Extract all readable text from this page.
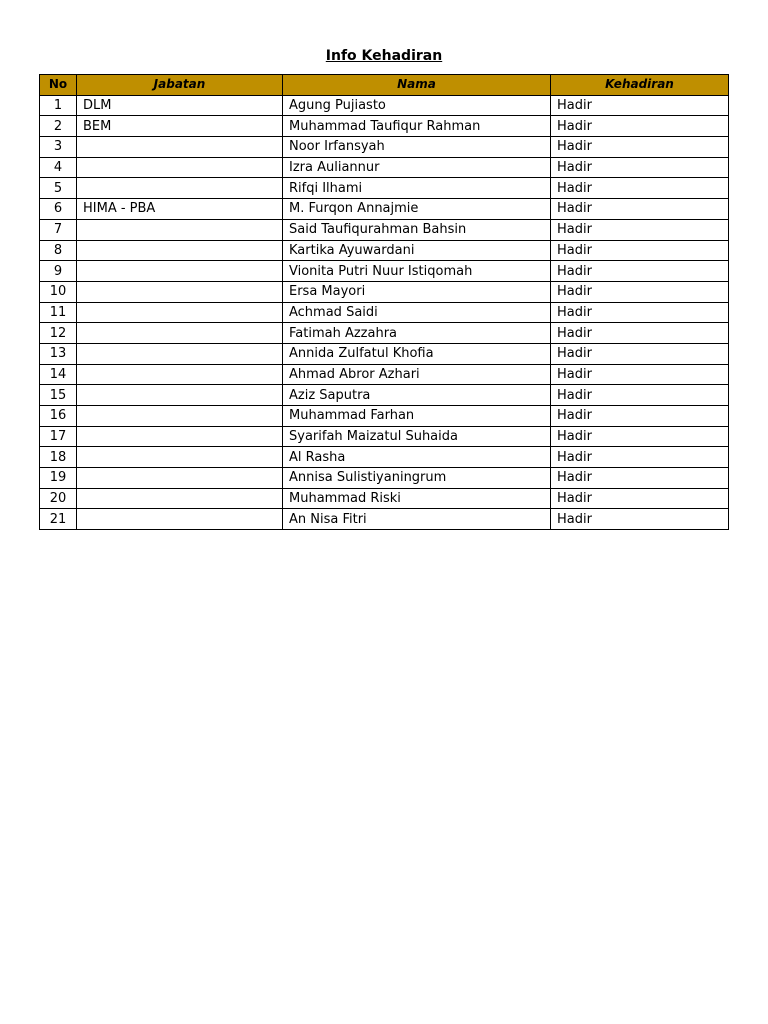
Info Kehadiran
No	Jabatan	Nama	Kehadiran
1	DLM	Agung Pujiasto	Hadir
2	BEM	Muhammad Taufiqur Rahman	Hadir
3		Noor Irfansyah	Hadir
4		Izra Auliannur	Hadir
5		Rifqi Ilhami	Hadir
6	HIMA - PBA	M. Furqon Annajmie	Hadir
7		Said Taufiqurahman Bahsin	Hadir
8		Kartika Ayuwardani	Hadir
9		Vionita Putri Nuur Istiqomah	Hadir
10		Ersa Mayori	Hadir
11		Achmad Saidi	Hadir
12		Fatimah Azzahra	Hadir
13		Annida Zulfatul Khofia	Hadir
14		Ahmad Abror Azhari	Hadir
15		Aziz Saputra	Hadir
16		Muhammad Farhan	Hadir
17		Syarifah Maizatul Suhaida	Hadir
18		Al Rasha	Hadir
19		Annisa Sulistiyaningrum	Hadir
20		Muhammad Riski	Hadir
21		An Nisa Fitri	Hadir
